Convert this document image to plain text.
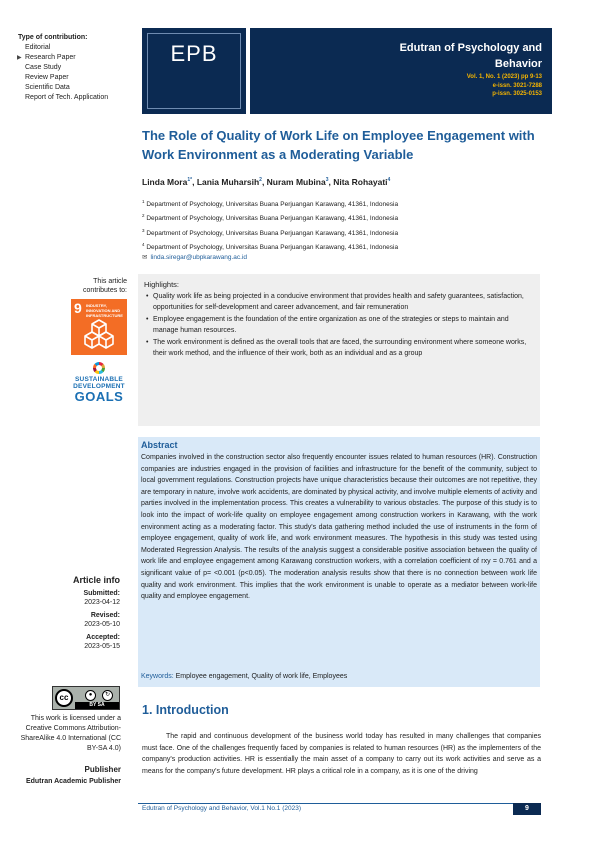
Type of contribution:
Editorial
▶ Research Paper
Case Study
Review Paper
Scientific Data
Report of Tech. Application
This article contributes to:
9 INDUSTRY, INNOVATION AND INFRASTRUCTURE
SUSTAINABLE
DEVELOPMENT
GOALS
Article info
Submitted:
2023-04-12
Revised:
2023-05-10
Accepted:
2023-05-15
cc	●	↻
BY SA
This work is licensed under a Creative Commons Attribution-ShareAlike 4.0 International (CC BY-SA 4.0)
Publisher
Edutran Academic Publisher
EPB	Edutran of Psychology and Behavior
Vol. 1, No. 1 (2023) pp 9-13
e-issn. 3021-7288
p-issn. 3025-0153
The Role of Quality of Work Life on Employee Engagement with Work Environment as a Moderating Variable
Linda Mora$^{1*}$, Lania Muharsih$^2$, Nuram Mubina$^3$, Nita Rohayati$^4$
$^1$ Department of Psychology, Universitas Buana Perjuangan Karawang, 41361, Indonesia
$^2$ Department of Psychology, Universitas Buana Perjuangan Karawang, 41361, Indonesia
$^3$ Department of Psychology, Universitas Buana Perjuangan Karawang, 41361, Indonesia
$^4$ Department of Psychology, Universitas Buana Perjuangan Karawang, 41361, Indonesia
✉ linda.siregar@ubpkarawang.ac.id
Highlights:
• Quality work life as being projected in a conducive environment that provides health and safety guarantees, satisfaction, opportunities for self-development and career advancement, and fair remuneration
• Employee engagement is the foundation of the entire organization as one of the strategies or steps to maintain and manage human resources.
• The work environment is defined as the overall tools that are faced, the surrounding environment where someone works, their work method, and the influence of their work, both as an individual and as a group
Abstract
Companies involved in the construction sector also frequently encounter issues related to human resources (HR). Construction companies are industries engaged in the provision of facilities and infrastructure for the benefit of the community, subject to local government regulations. Construction projects have unique characteristics because their outcomes are not repetitive, they are temporary in nature, involve work accidents, are dominated by physical activity, and involve multiple elements of activity and parties involved in the implementation process. This creates a vulnerability to various obstacles. The purpose of this study is to look into the impact of work-life quality on employee engagement among construction workers in Karawang, with the work environment acting as a moderating factor. This study's data gathering method included the use of instruments in the form of employee engagement, quality of work life, and work environment measures. The hypothesis in this study was tested using Moderated Regression Analysis. The results of the analysis suggest a considerable positive association between the quality of work life and employee engagement among Karawang construction workers, with a correlation coefficient of rxy = 0.761 and a significant value of p= <0.001 (p<0.05). The moderation analysis results show that there is no connection between work life quality and work environment. This implies that the work environment is unable to operate as a mediator between work-life quality and employee engagement.
Keywords: Employee engagement, Quality of work life, Employees
1. Introduction
The rapid and continuous development of the business world today has resulted in many challenges that companies must face. One of the challenges frequently faced by companies is related to human resources (HR) as the implementers of the company's production activities. HR is essentially the main asset of a company to carry out its work activities and serve as a means for the company's future development. HR plays a critical role in a company, as it is one of the driving
Edutran of Psychology and Behavior, Vol.1 No.1 (2023)	9
